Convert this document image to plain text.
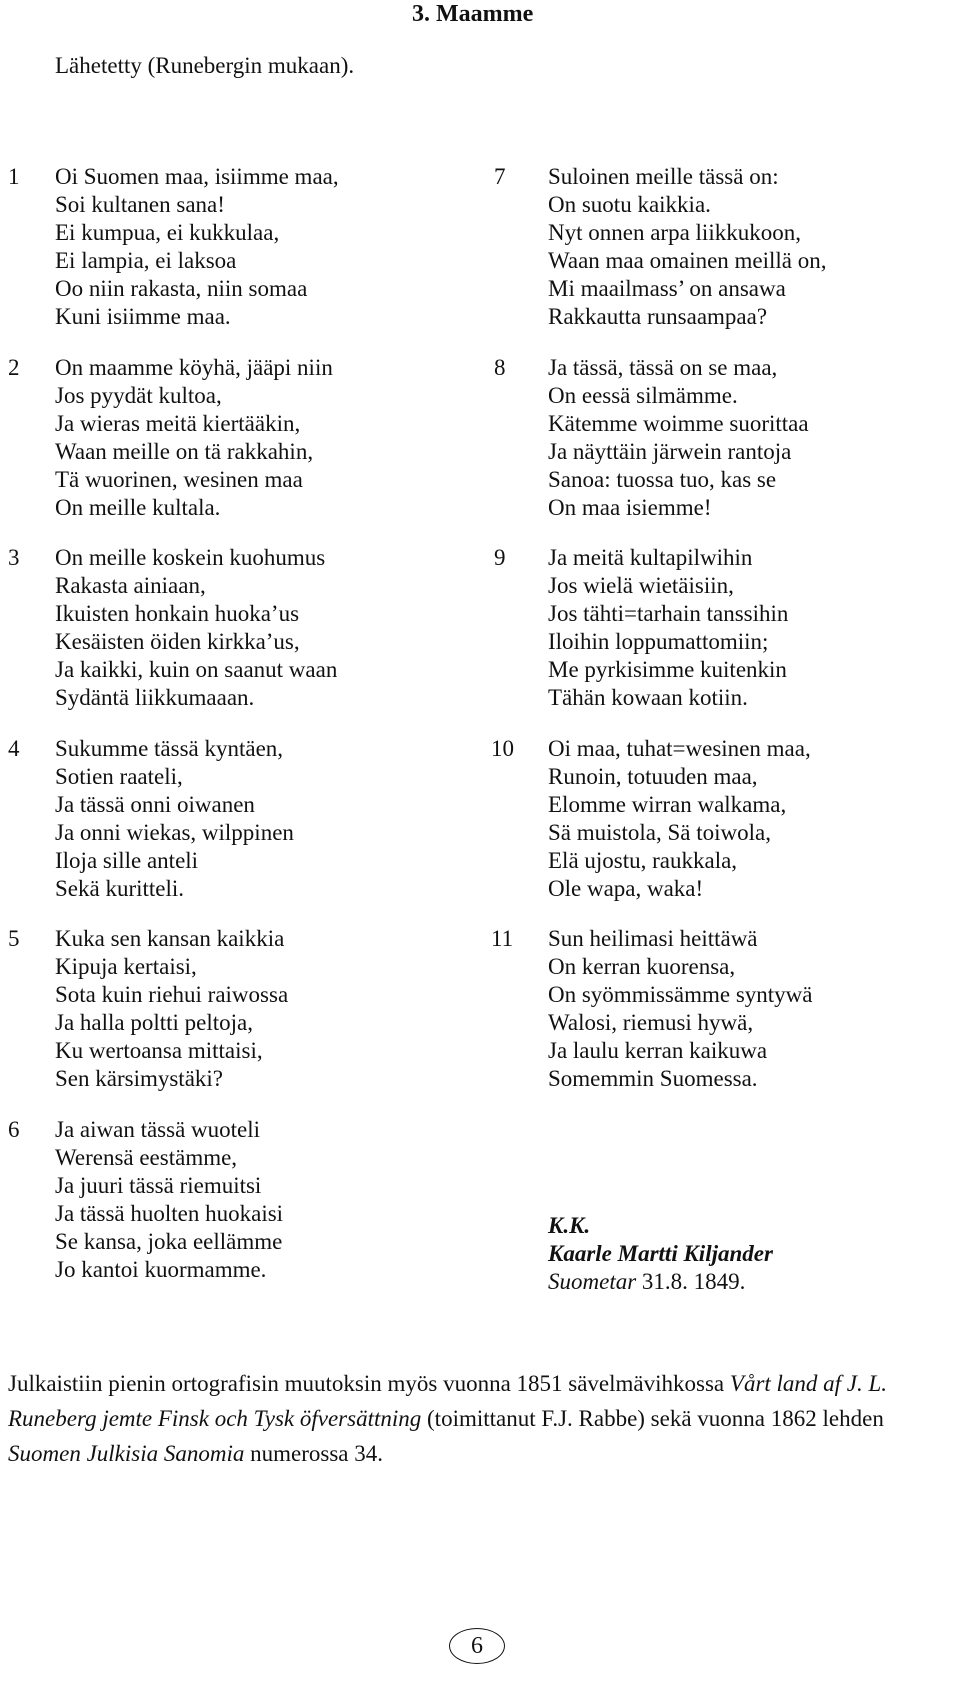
3. Maamme
Lähetetty (Runebergin mukaan).
1	Oi Suomen maa, isiimme maa,
Soi kultanen sana!
Ei kumpua, ei kukkulaa,
Ei lampia, ei laksoa
Oo niin rakasta, niin somaa
Kuni isiimme maa.
2	On maamme köyhä, jääpi niin
Jos pyydät kultoa,
Ja wieras meitä kiertääkin,
Waan meille on tä rakkahin,
Tä wuorinen, wesinen maa
On meille kultala.
3	On meille koskein kuohumus
Rakasta ainiaan,
Ikuisten honkain huoka’us
Kesäisten öiden kirkka’us,
Ja kaikki, kuin on saanut waan
Sydäntä liikkumaaan.
4	Sukumme tässä kyntäen,
Sotien raateli,
Ja tässä onni oiwanen
Ja onni wiekas, wilppinen
Iloja sille anteli
Sekä kuritteli.
5	Kuka sen kansan kaikkia
Kipuja kertaisi,
Sota kuin riehui raiwossa
Ja halla poltti peltoja,
Ku wertoansa mittaisi,
Sen kärsimystäki?
6	Ja aiwan tässä wuoteli
Werensä eestämme,
Ja juuri tässä riemuitsi
Ja tässä huolten huokaisi
Se kansa, joka eellämme
Jo kantoi kuormamme.
7	Suloinen meille tässä on:
On suotu kaikkia.
Nyt onnen arpa liikkukoon,
Waan maa omainen meillä on,
Mi maailmass’ on ansawa
Rakkautta runsaampaa?
8	Ja tässä, tässä on se maa,
On eessä silmämme.
Kätemme woimme suorittaa
Ja näyttäin järwein rantoja
Sanoa: tuossa tuo, kas se
On maa isiemme!
9	Ja meitä kultapilwihin
Jos wielä wietäisiin,
Jos tähti=tarhain tanssihin
Iloihin loppumattomiin;
Me pyrkisimme kuitenkin
Tähän kowaan kotiin.
10	Oi maa, tuhat=wesinen maa,
Runoin, totuuden maa,
Elomme wirran walkama,
Sä muistola, Sä toiwola,
Elä ujostu, raukkala,
Ole wapa, waka!
11	Sun heilimasi heittäwä
On kerran kuorensa,
On syömmissämme syntywä
Walosi, riemusi hywä,
Ja laulu kerran kaikuwa
Somemmin Suomessa.
K.K.
Kaarle Martti Kiljander
Suometar 31.8. 1849.
Julkaistiin pienin ortografisin muutoksin myös vuonna 1851 sävelmävihkossa Vårt land af J. L. Runeberg jemte Finsk och Tysk öfversättning (toimittanut F.J. Rabbe) sekä vuonna 1862 lehden Suomen Julkisia Sanomia numerossa 34.
6
